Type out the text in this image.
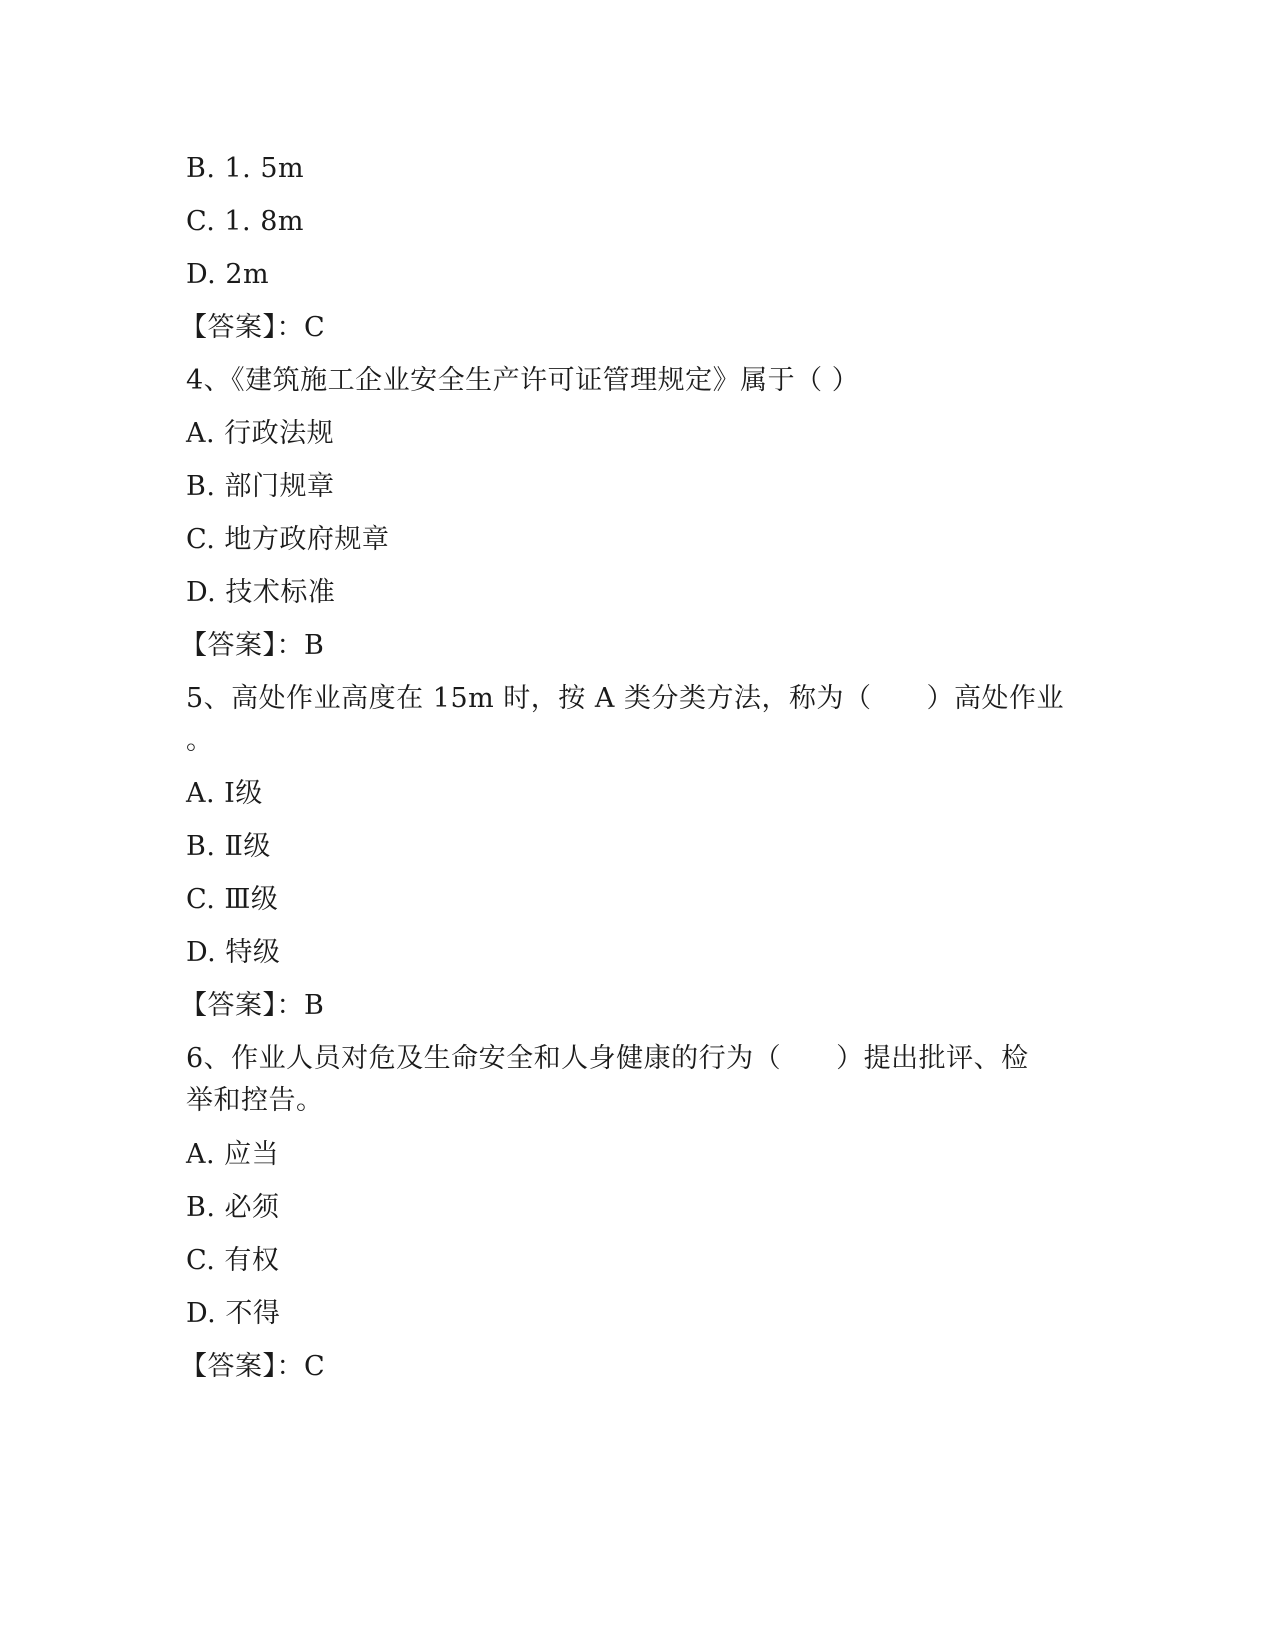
B. 1. 5m
C. 1. 8m
D. 2m
【答案】：C
4、《建筑施工企业安全生产许可证管理规定》属于（ ）
A. 行政法规
B. 部门规章
C. 地方政府规章
D. 技术标准
【答案】：B
5、高处作业高度在 15m 时，按 A 类分类方法，称为（　　）高处作业
。
A. Ⅰ级
B. Ⅱ级
C. Ⅲ级
D. 特级
【答案】：B
6、作业人员对危及生命安全和人身健康的行为（　　）提出批评、检
举和控告。
A. 应当
B. 必须
C. 有权
D. 不得
【答案】：C
